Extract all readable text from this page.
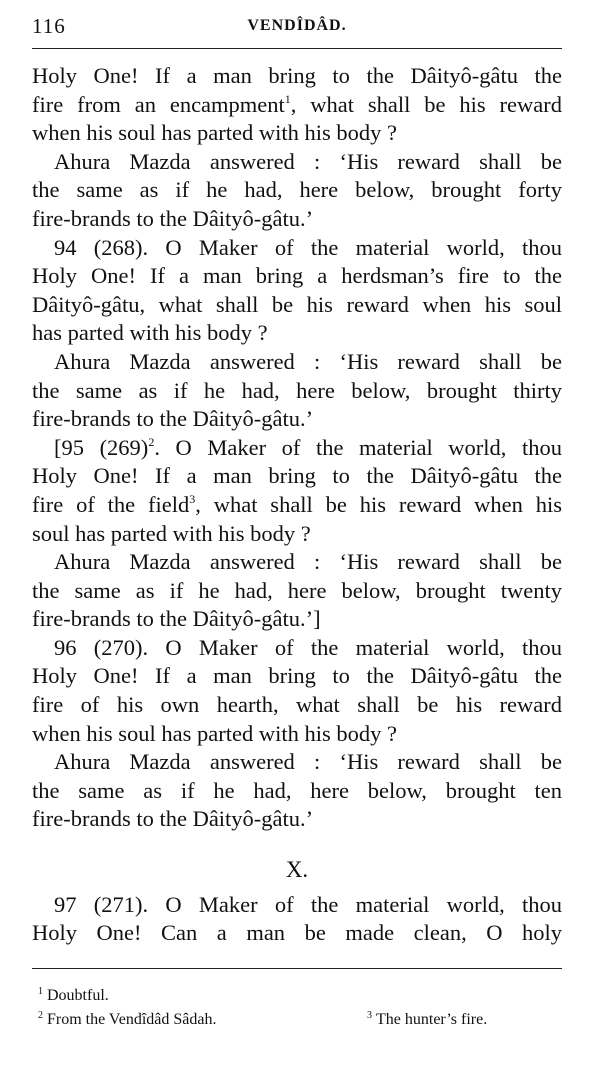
116	VENDÎDÂD.
Holy One! If a man bring to the Dâityô-gâtu the
fire from an encampment$^1$, what shall be his reward
when his soul has parted with his body ?
Ahura Mazda answered : ‘His reward shall be
the same as if he had, here below, brought forty
fire-brands to the Dâityô-gâtu.’
94 (268). O Maker of the material world, thou
Holy One! If a man bring a herdsman’s fire to the
Dâityô-gâtu, what shall be his reward when his soul
has parted with his body ?
Ahura Mazda answered : ‘His reward shall be
the same as if he had, here below, brought thirty
fire-brands to the Dâityô-gâtu.’
[95 $(269)^2$. O Maker of the material world, thou
Holy One! If a man bring to the Dâityô-gâtu the
fire of the field$^3$, what shall be his reward when his
soul has parted with his body ?
Ahura Mazda answered : ‘His reward shall be
the same as if he had, here below, brought twenty
fire-brands to the Dâityô-gâtu.’]
96 (270). O Maker of the material world, thou
Holy One! If a man bring to the Dâityô-gâtu the
fire of his own hearth, what shall be his reward
when his soul has parted with his body ?
Ahura Mazda answered : ‘His reward shall be
the same as if he had, here below, brought ten
fire-brands to the Dâityô-gâtu.’
X.
97 (271). O Maker of the material world, thou
Holy One! Can a man be made clean, O holy
$^1$ Doubtful.
$^2$ From the Vendîdâd Sâdah.	$^3$ The hunter’s fire.
